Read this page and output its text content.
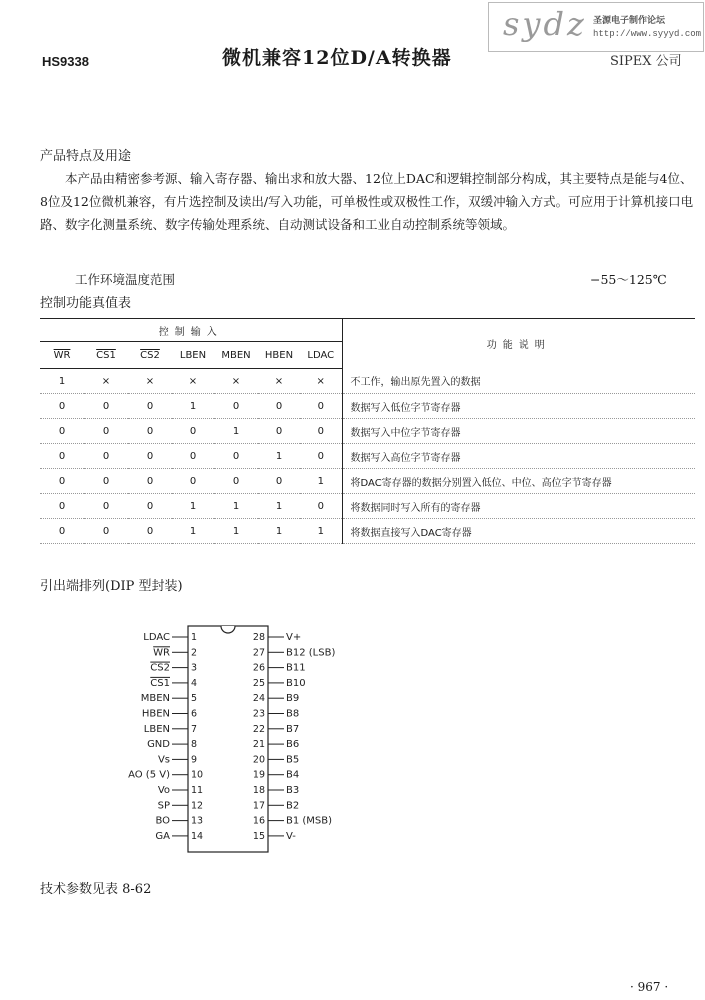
HS9338	微机兼容12位D/A转换器
sydz 圣源电子制作论坛
http://www.syyyd.com
SIPEX 公司
产品特点及用途
本产品由精密参考源、输入寄存器、输出求和放大器、12位上DAC和逻辑控制部分构成，其主要特点是能与4位、8位及12位微机兼容，有片选控制及读出/写入功能，可单极性或双极性工作，双缓冲输入方式。可应用于计算机接口电路、数字化测量系统、数字传输处理系统、自动测试设备和工业自动控制系统等领域。
工作环境温度范围	−55～125℃
控制功能真值表
控制输入							功能说明
$\overline{WR}$	CS1	CS2	LBEN	MBEN	HBEN	LDAC	
1	×	×	×	×	×	×	不工作，输出原先置入的数据
0	0	0	1	0	0	0	数据写入低位字节寄存器
0	0	0	0	1	0	0	数据写入中位字节寄存器
0	0	0	0	0	1	0	数据写入高位字节寄存器
0	0	0	0	0	0	1	将DAC寄存器的数据分别置入低位、中位、高位字节寄存器
0	0	0	1	1	1	0	将数据同时写入所有的寄存器
0	0	0	1	1	1	1	将数据直接写入DAC寄存器
引出端排列(DIP 型封装)
LDAC 1
WR 2
CS2 3
CS1 4
MBEN 5
HBEN 6
LBEN 7
GND 8
Vs 9
AO (5 V) 10
Vo 11
SP 12
BO 13
GA 14
28 V+
27 B12 (LSB)
26 B11
25 B10
24 B9
23 B8
22 B7
21 B6
20 B5
19 B4
18 B3
17 B2
16 B1 (MSB)
15 V-
技术参数见表 8-62
· 967 ·
